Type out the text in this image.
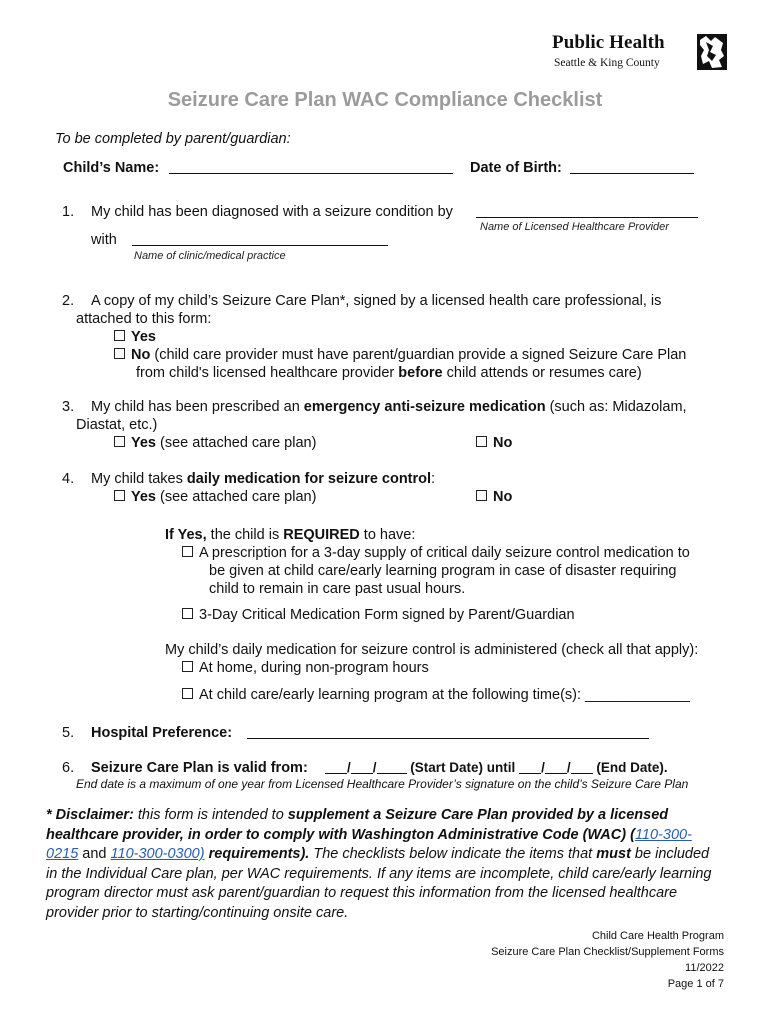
Public Health
Seattle & King County
Seizure Care Plan WAC Compliance Checklist
To be completed by parent/guardian:
Child’s Name:	Date of Birth:
1. My child has been diagnosed with a seizure condition by
Name of Licensed Healthcare Provider
with
Name of clinic/medical practice
2. A copy of my child’s Seizure Care Plan*, signed by a licensed health care professional, is
attached to this form:
Yes
No (child care provider must have parent/guardian provide a signed Seizure Care Plan
from child's licensed healthcare provider before child attends or resumes care)
3. My child has been prescribed an emergency anti-seizure medication (such as: Midazolam,
Diastat, etc.)
Yes (see attached care plan)	No
4. My child takes daily medication for seizure control:
Yes (see attached care plan)	No
If Yes, the child is REQUIRED to have:
A prescription for a 3-day supply of critical daily seizure control medication to
be given at child care/early learning program in case of disaster requiring
child to remain in care past usual hours.
3-Day Critical Medication Form signed by Parent/Guardian
My child’s daily medication for seizure control is administered (check all that apply):
At home, during non-program hours
At child care/early learning program at the following time(s): _____________
5. Hospital Preference:
6. Seizure Care Plan is valid from:	/ /	(Start Date) until / / (End Date).
End date is a maximum of one year from Licensed Healthcare Provider’s signature on the child’s Seizure Care Plan
* Disclaimer: this form is intended to supplement a Seizure Care Plan provided by a licensed healthcare provider, in order to comply with Washington Administrative Code (WAC) (110-300-0215 and 110-300-0300) requirements). The checklists below indicate the items that must be included in the Individual Care plan, per WAC requirements. If any items are incomplete, child care/early learning program director must ask parent/guardian to request this information from the licensed healthcare provider prior to starting/continuing onsite care.
Child Care Health Program
Seizure Care Plan Checklist/Supplement Forms
11/2022
Page 1 of 7
